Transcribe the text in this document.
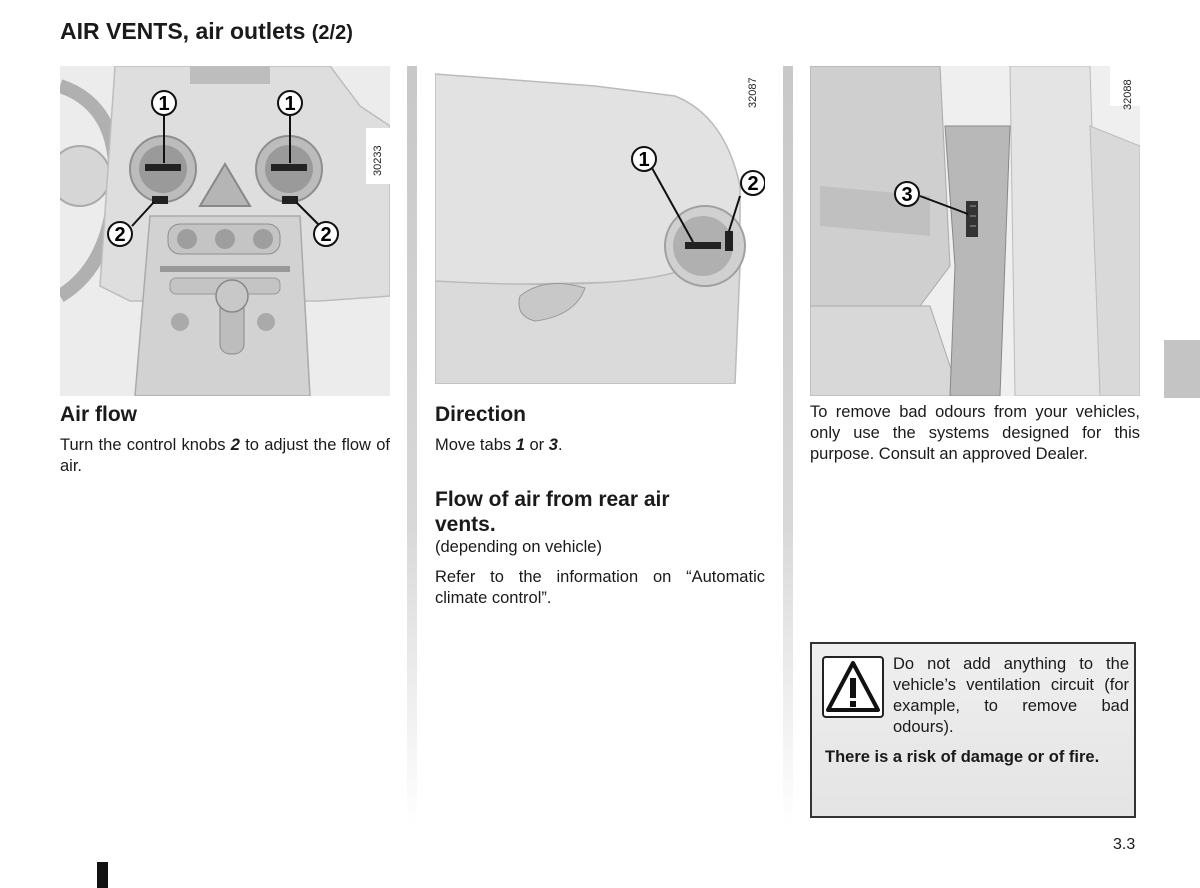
AIR VENTS, air outlets (2/2)
1	1
2	2
30233	1
2
32087
3
32088
Air flow

Turn the control knobs 2 to adjust the flow of air.

Direction

Move tabs 1 or 3.

Flow of air from rear air vents.

(depending on vehicle)

Refer to the information on “Automatic climate control”.

To remove bad odours from your vehicles, only use the systems designed for this purpose. Consult an approved Dealer.

Do not add anything to the vehicle’s ventilation circuit (for example, to remove bad odours).
There is a risk of damage or of fire.
3.3
